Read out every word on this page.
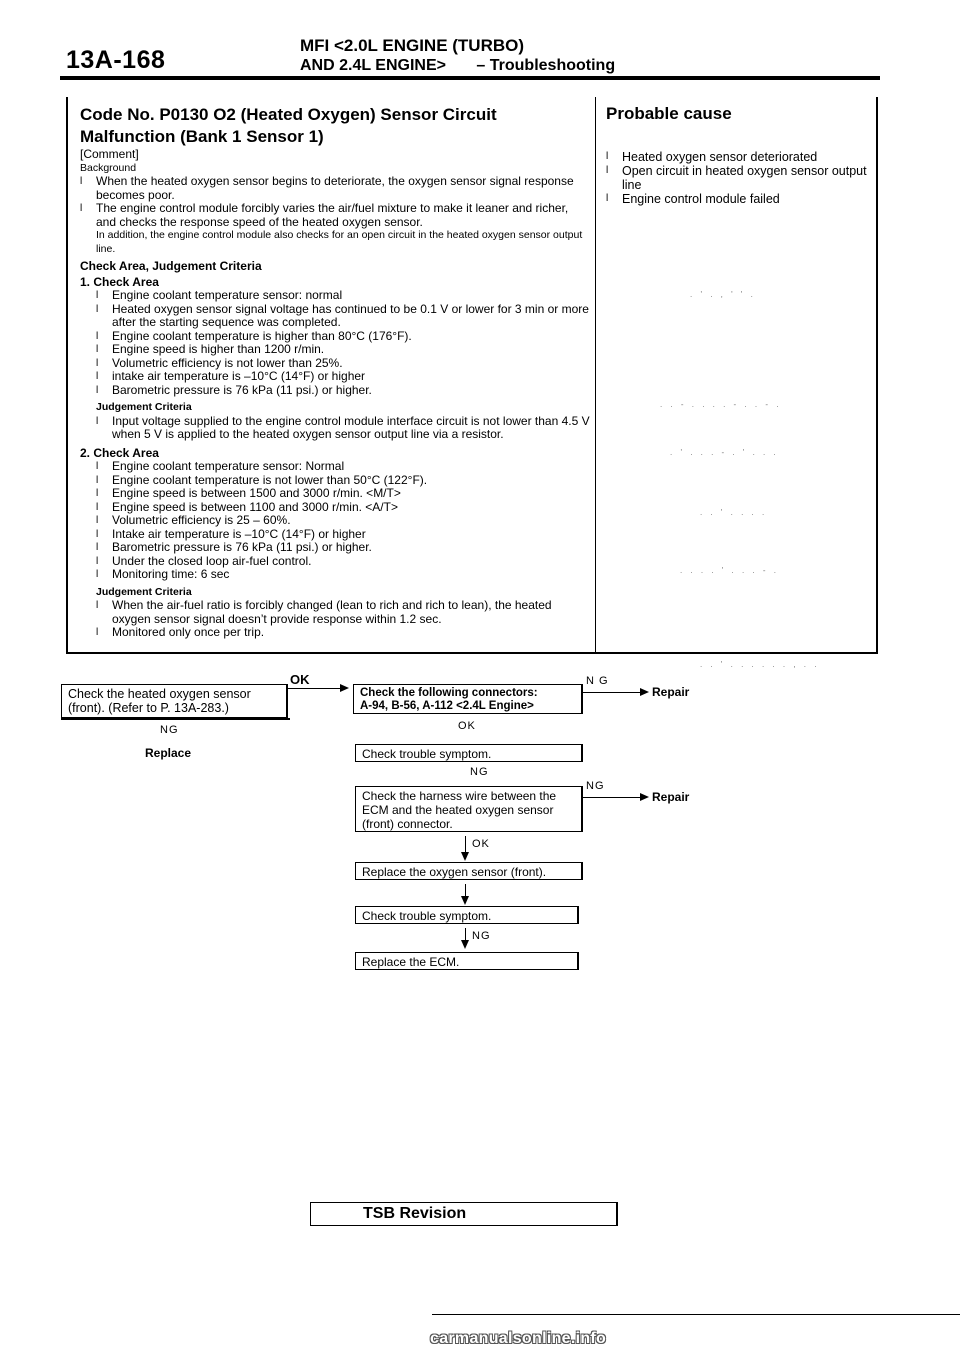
13A-168
MFI <2.0L ENGINE (TURBO)
AND 2.4L ENGINE> – Troubleshooting
Code No. P0130 O2 (Heated Oxygen) Sensor Circuit
Malfunction (Bank 1 Sensor 1)
Probable cause
[Comment]
Background
l When the heated oxygen sensor begins to deteriorate, the oxygen sensor signal response becomes poor.
l The engine control module forcibly varies the air/fuel mixture to make it leaner and richer, and checks the response speed of the heated oxygen sensor.
In addition, the engine control module also checks for an open circuit in the heated oxygen sensor output line.
Check Area, Judgement Criteria
1. Check Area
l Engine coolant temperature sensor: normal
l Heated oxygen sensor signal voltage has continued to be 0.1 V or lower for 3 min or more after the starting sequence was completed.
l Engine coolant temperature is higher than 80°C (176°F).
l Engine speed is higher than 1200 r/min.
l Volumetric efficiency is not lower than 25%.
l intake air temperature is –10°C (14°F) or higher
l Barometric pressure is 76 kPa (11 psi.) or higher.
Judgement Criteria
l Input voltage supplied to the engine control module interface circuit is not lower than 4.5 V when 5 V is applied to the heated oxygen sensor output line via a resistor.
2. Check Area
l Engine coolant temperature sensor: Normal
l Engine coolant temperature is not lower than 50°C (122°F).
l Engine speed is between 1500 and 3000 r/min. <M/T>
l Engine speed is between 1100 and 3000 r/min. <A/T>
l Volumetric efficiency is 25 – 60%.
l Intake air temperature is –10°C (14°F) or higher
l Barometric pressure is 76 kPa (11 psi.) or higher.
l Under the closed loop air-fuel control.
l Monitoring time: 6 sec
Judgement Criteria
l When the air-fuel ratio is forcibly changed (lean to rich and rich to lean), the heated oxygen sensor signal doesn’t provide response within 1.2 sec.
l Monitored only once per trip.
l Heated oxygen sensor deteriorated
l Open circuit in heated oxygen sensor output line
l Engine control module failed
. ' . , ' ' .
. . - . . . . - . . - .
. ' . . . - . ' . . .
. . ' . . . .
. . . . ' . . . - .
. . ' . . . . . . , . .
Check the heated oxygen sensor (front). (Refer to P. 13A-283.)
OK
NG
Replace
Check the following connectors:
A-94, B-56, A-112 <2.4L Engine>
N G
Repair
OK
Check trouble symptom.
NG
Check the harness wire between the ECM and the heated oxygen sensor (front) connector.
NG
Repair
OK
Replace the oxygen sensor (front).
Check trouble symptom.
NG
Replace the ECM.
TSB Revision
carmanualsonline.info
